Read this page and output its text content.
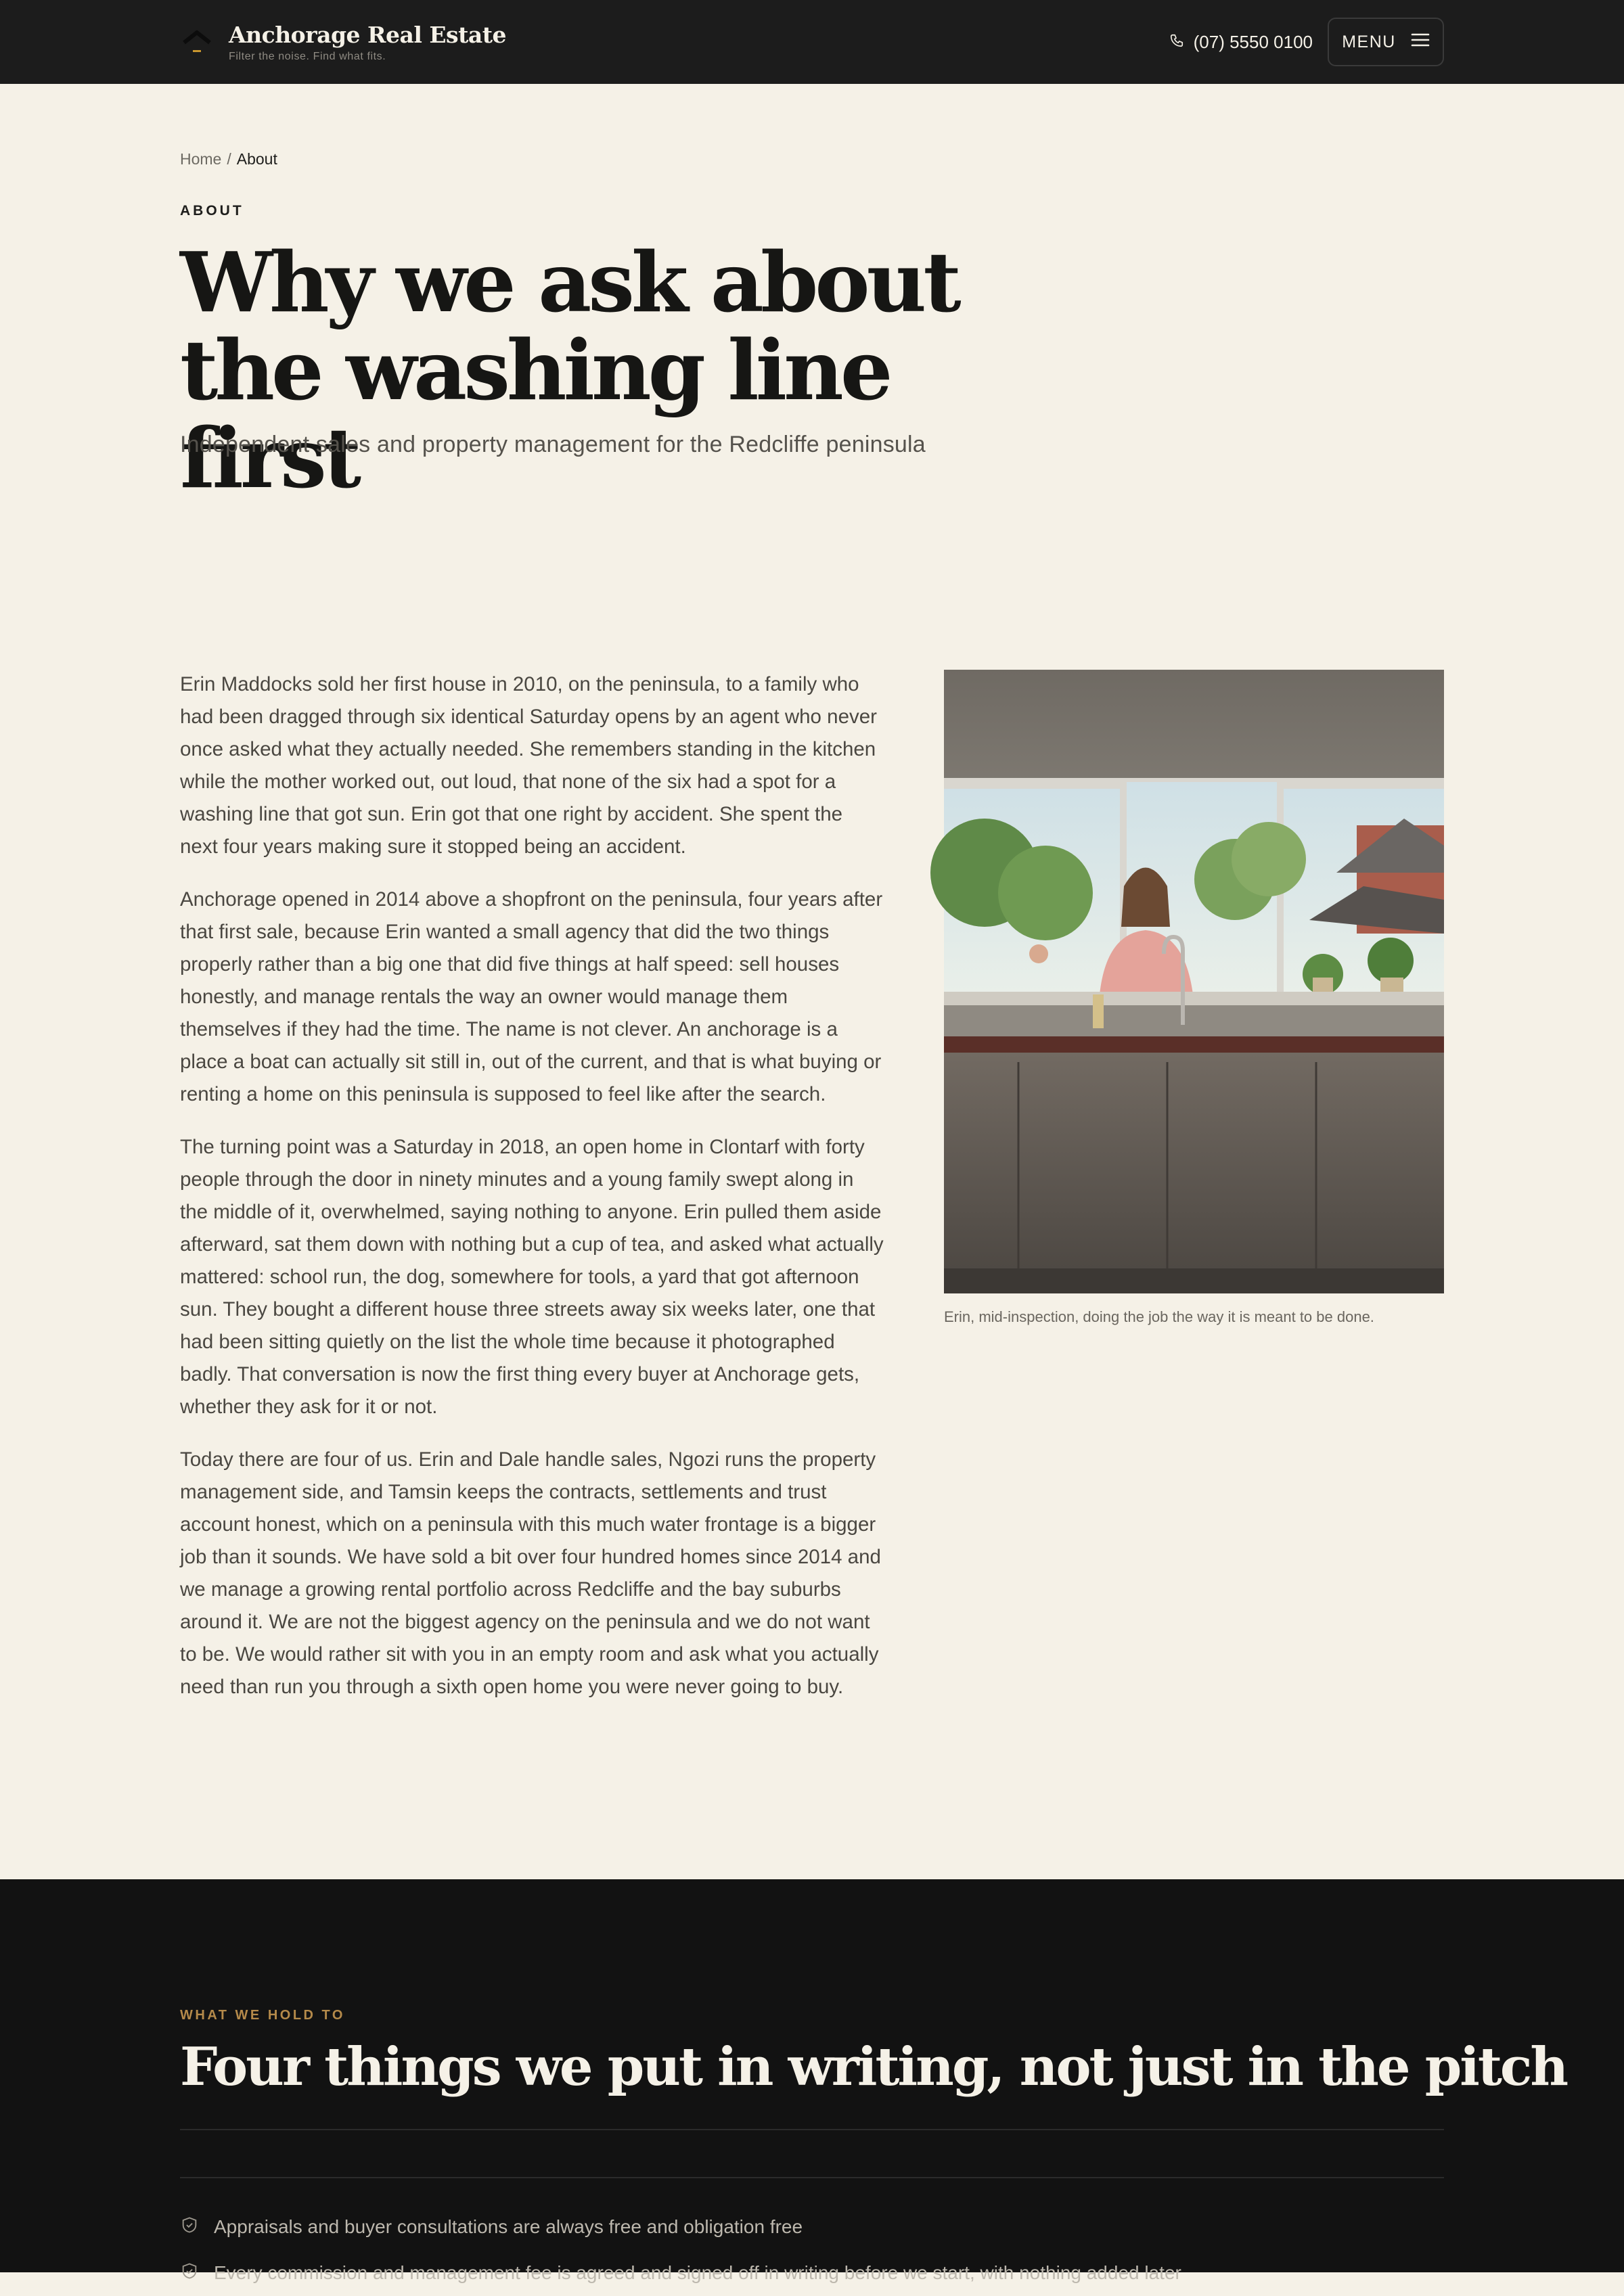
Anchorage Real Estate
Filter the noise. Find what fits.
(07) 5550 0100 MENU
Home / About
ABOUT
Why we ask about the washing line first

Independent sales and property management for the Redcliffe peninsula

Erin Maddocks sold her first house in 2010, on the peninsula, to a family who had been dragged through six identical Saturday opens by an agent who never once asked what they actually needed. She remembers standing in the kitchen while the mother worked out, out loud, that none of the six had a spot for a washing line that got sun. Erin got that one right by accident. She spent the next four years making sure it stopped being an accident.

Anchorage opened in 2014 above a shopfront on the peninsula, four years after that first sale, because Erin wanted a small agency that did the two things properly rather than a big one that did five things at half speed: sell houses honestly, and manage rentals the way an owner would manage them themselves if they had the time. The name is not clever. An anchorage is a place a boat can actually sit still in, out of the current, and that is what buying or renting a home on this peninsula is supposed to feel like after the search.

The turning point was a Saturday in 2018, an open home in Clontarf with forty people through the door in ninety minutes and a young family swept along in the middle of it, overwhelmed, saying nothing to anyone. Erin pulled them aside afterward, sat them down with nothing but a cup of tea, and asked what actually mattered: school run, the dog, somewhere for tools, a yard that got afternoon sun. They bought a different house three streets away six weeks later, one that had been sitting quietly on the list the whole time because it photographed badly. That conversation is now the first thing every buyer at Anchorage gets, whether they ask for it or not.

Today there are four of us. Erin and Dale handle sales, Ngozi runs the property management side, and Tamsin keeps the contracts, settlements and trust account honest, which on a peninsula with this much water frontage is a bigger job than it sounds. We have sold a bit over four hundred homes since 2014 and we manage a growing rental portfolio across Redcliffe and the bay suburbs around it. We are not the biggest agency on the peninsula and we do not want to be. We would rather sit with you in an empty room and ask what you actually need than run you through a sixth open home you were never going to buy.

Erin, mid-inspection, doing the job the way it is meant to be done.
WHAT WE HOLD TO
Four things we put in writing, not just in the pitch
Appraisals and buyer consultations are always free and obligation free
Every commission and management fee is agreed and signed off in writing before we start, with nothing added later
